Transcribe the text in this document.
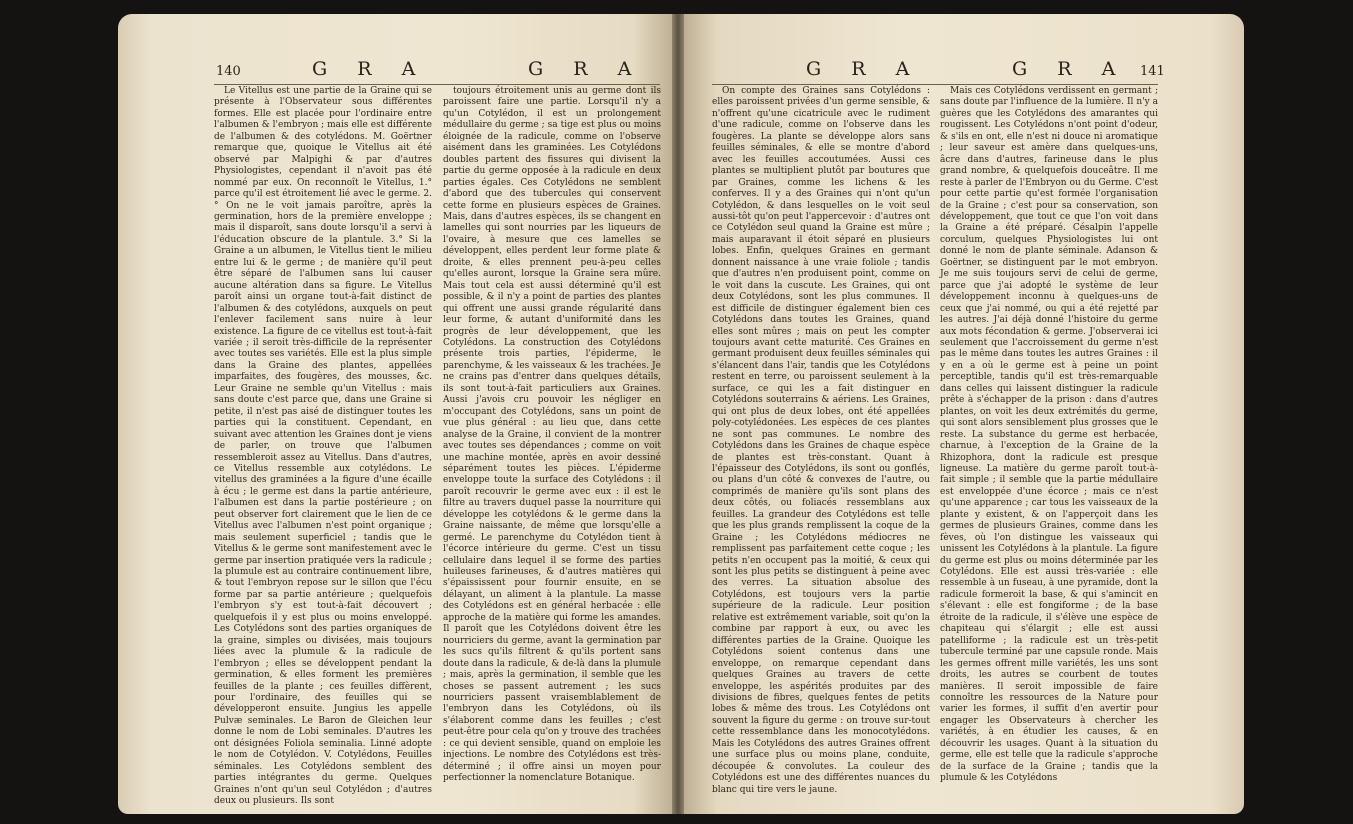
140	G R A	G R A

Le Vitellus est une partie de la Graine qui se présente à l'Observateur sous différentes formes. Elle est placée pour l'ordinaire entre l'albumen & l'embryon ; mais elle est différente de l'albumen & des cotylédons. M. Goërtner remarque que, quoique le Vitellus ait été observé par Malpighi & par d'autres Physiologistes, cependant il n'avoit pas été nommé par eux. On reconnoît le Vitellus, 1.° parce qu'il est étroitement lié avec le germe. 2.° On ne le voit jamais paroître, après la germination, hors de la première enveloppe ; mais il disparoît, sans doute lorsqu'il a servi à l'éducation obscure de la plantule. 3.° Si la Graine a un albumen, le Vitellus tient le milieu entre lui & le germe ; de manière qu'il peut être séparé de l'albumen sans lui causer aucune altération dans sa figure. Le Vitellus paroît ainsi un organe tout-à-fait distinct de l'albumen & des cotylédons, auxquels on peut l'enlever facilement sans nuire à leur existence. La figure de ce vitellus est tout-à-fait variée ; il seroit très-difficile de la représenter avec toutes ses variétés. Elle est la plus simple dans la Graine des plantes, appellées imparfaites, des fougères, des mousses, &c. Leur Graine ne semble qu'un Vitellus : mais sans doute c'est parce que, dans une Graine si petite, il n'est pas aisé de distinguer toutes les parties qui la constituent. Cependant, en suivant avec attention les Graines dont je viens de parler, on trouve que l'albumen ressembleroit assez au Vitellus. Dans d'autres, ce Vitellus ressemble aux cotylédons. Le vitellus des graminées a la figure d'une écaille à écu ; le germe est dans la partie antérieure, l'albumen est dans la partie postérieure ; on peut observer fort clairement que le lien de ce Vitellus avec l'albumen n'est point organique ; mais seulement superficiel ; tandis que le Vitellus & le germe sont manifestement avec le germe par insertion pratiquée vers la radicule ; la plumule est au contraire continuement libre, & tout l'embryon repose sur le sillon que l'écu forme par sa partie antérieure ; quelquefois l'embryon s'y est tout-à-fait découvert ; quelquefois il y est plus ou moins enveloppé. Les Cotylédons sont des parties organiques de la graine, simples ou divisées, mais toujours liées avec la plumule & la radicule de l'embryon ; elles se développent pendant la germination, & elles forment les premières feuilles de la plante ; ces feuilles diffèrent, pour l'ordinaire, des feuilles qui se développeront ensuite. Jungius les appelle Pulvæ seminales. Le Baron de Gleichen leur donne le nom de Lobi seminales. D'autres les ont désignées Foliola seminalia. Linné adopte le nom de Cotylédon. V. Cotylédons, Feuilles séminales. Les Cotylédons semblent des parties intégrantes du germe. Quelques Graines n'ont qu'un seul Cotylédon ; d'autres deux ou plusieurs. Ils sont

toujours étroitement unis au germe dont ils paroissent faire une partie. Lorsqu'il n'y a qu'un Cotylédon, il est un prolongement médullaire du germe ; sa tige est plus ou moins éloignée de la radicule, comme on l'observe aisément dans les graminées. Les Cotylédons doubles partent des fissures qui divisent la partie du germe opposée à la radicule en deux parties égales. Ces Cotylédons ne semblent d'abord que des tubercules qui conservent cette forme en plusieurs espèces de Graines. Mais, dans d'autres espèces, ils se changent en lamelles qui sont nourries par les liqueurs de l'ovaire, à mesure que ces lamelles se développent, elles perdent leur forme plate & droite, & elles prennent peu-à-peu celles qu'elles auront, lorsque la Graine sera mûre. Mais tout cela est aussi déterminé qu'il est possible, & il n'y a point de parties des plantes qui offrent une aussi grande régularité dans leur forme, & autant d'uniformité dans les progrès de leur développement, que les Cotylédons. La construction des Cotylédons présente trois parties, l'épiderme, le parenchyme, & les vaisseaux & les trachées. Je ne crains pas d'entrer dans quelques détails, ils sont tout-à-fait particuliers aux Graines. Aussi j'avois cru pouvoir les négliger en m'occupant des Cotylédons, sans un point de vue plus général : au lieu que, dans cette analyse de la Graine, il convient de la montrer avec toutes ses dépendances ; comme on voit une machine montée, après en avoir dessiné séparément toutes les pièces. L'épiderme enveloppe toute la surface des Cotylédons : il paroît recouvrir le germe avec eux : il est le filtre au travers duquel passe la nourriture qui développe les cotylédons & le germe dans la Graine naissante, de même que lorsqu'elle a germé. Le parenchyme du Cotylédon tient à l'écorce intérieure du germe. C'est un tissu cellulaire dans lequel il se forme des parties huileuses farineuses, & d'autres matières qui s'épaississent pour fournir ensuite, en se délayant, un aliment à la plantule. La masse des Cotylédons est en général herbacée : elle approche de la matière qui forme les amandes. Il paroît que les Cotylédons doivent être les nourriciers du germe, avant la germination par les sucs qu'ils filtrent & qu'ils portent sans doute dans la radicule, & de-là dans la plumule ; mais, après la germination, il semble que les choses se passent autrement ; les sucs nourriciers passent vraisemblablement de l'embryon dans les Cotylédons, où ils s'élaborent comme dans les feuilles ; c'est peut-être pour cela qu'on y trouve des trachées : ce qui devient sensible, quand on emploie les injections. Le nombre des Cotylédons est très-déterminé ; il offre ainsi un moyen pour perfectionner la nomenclature Botanique.

G R A	G R A 141

On compte des Graines sans Cotylédons : elles paroissent privées d'un germe sensible, & n'offrent qu'une cicatricule avec le rudiment d'une radicule, comme on l'observe dans les fougères. La plante se développe alors sans feuilles séminales, & elle se montre d'abord avec les feuilles accoutumées. Aussi ces plantes se multiplient plutôt par boutures que par Graines, comme les lichens & les conferves. Il y a des Graines qui n'ont qu'un Cotylédon, & dans lesquelles on le voit seul aussi-tôt qu'on peut l'appercevoir : d'autres ont ce Cotylédon seul quand la Graine est mûre ; mais auparavant il étoit séparé en plusieurs lobes. Enfin, quelques Graines en germant donnent naissance à une vraie foliole ; tandis que d'autres n'en produisent point, comme on le voit dans la cuscute. Les Graines, qui ont deux Cotylédons, sont les plus communes. Il est difficile de distinguer également bien ces Cotylédons dans toutes les Graines, quand elles sont mûres ; mais on peut les compter toujours avant cette maturité. Ces Graines en germant produisent deux feuilles séminales qui s'élancent dans l'air, tandis que les Cotylédons restent en terre, ou paroissent seulement à la surface, ce qui les a fait distinguer en Cotylédons souterrains & aériens. Les Graines, qui ont plus de deux lobes, ont été appellées poly-cotylédonées. Les espèces de ces plantes ne sont pas communes. Le nombre des Cotylédons dans les Graines de chaque espèce de plantes est très-constant. Quant à l'épaisseur des Cotylédons, ils sont ou gonflés, ou plans d'un côté & convexes de l'autre, ou comprimés de manière qu'ils sont plans des deux côtés, ou foliacés ressemblans aux feuilles. La grandeur des Cotylédons est telle que les plus grands remplissent la coque de la Graine ; les Cotylédons médiocres ne remplissent pas parfaitement cette coque ; les petits n'en occupent pas la moitié, & ceux qui sont les plus petits se distinguent à peine avec des verres. La situation absolue des Cotylédons, est toujours vers la partie supérieure de la radicule. Leur position relative est extrêmement variable, soit qu'on la combine par rapport à eux, ou avec les différentes parties de la Graine. Quoique les Cotylédons soient contenus dans une enveloppe, on remarque cependant dans quelques Graines au travers de cette enveloppe, les aspérités produites par des divisions de fibres, quelques fentes de petits lobes & même des trous. Les Cotylédons ont souvent la figure du germe : on trouve sur-tout cette ressemblance dans les monocotylédons. Mais les Cotylédons des autres Graines offrent une surface plus ou moins plane, conduite, découpée & convolutes. La couleur des Cotylédons est une des différentes nuances du blanc qui tire vers le jaune.

Mais ces Cotylédons verdissent en germant ; sans doute par l'influence de la lumière. Il n'y a guères que les Cotylédons des amarantes qui rougissent. Les Cotylédons n'ont point d'odeur, & s'ils en ont, elle n'est ni douce ni aromatique ; leur saveur est amère dans quelques-uns, âcre dans d'autres, farineuse dans le plus grand nombre, & quelquefois douceâtre. Il me reste à parler de l'Embryon ou du Germe. C'est pour cette partie qu'est formée l'organisation de la Graine ; c'est pour sa conservation, son développement, que tout ce que l'on voit dans la Graine a été préparé. Césalpin l'appelle corculum, quelques Physiologistes lui ont donné le nom de plante séminale. Adanson & Goërtner, se distinguent par le mot embryon. Je me suis toujours servi de celui de germe, parce que j'ai adopté le système de leur développement inconnu à quelques-uns de ceux que j'ai nommé, ou qui a été rejetté par les autres. J'ai déjà donné l'histoire du germe aux mots fécondation & germe. J'observerai ici seulement que l'accroissement du germe n'est pas le même dans toutes les autres Graines : il y en a où le germe est à peine un point perceptible, tandis qu'il est très-remarquable dans celles qui laissent distinguer la radicule prête à s'échapper de la prison : dans d'autres plantes, on voit les deux extrémités du germe, qui sont alors sensiblement plus grosses que le reste. La substance du germe est herbacée, charnue, à l'exception de la Graine de la Rhizophora, dont la radicule est presque ligneuse. La matière du germe paroît tout-à-fait simple ; il semble que la partie médullaire est enveloppée d'une écorce ; mais ce n'est qu'une apparence ; car tous les vaisseaux de la plante y existent, & on l'apperçoit dans les germes de plusieurs Graines, comme dans les fèves, où l'on distingue les vaisseaux qui unissent les Cotylédons à la plantule. La figure du germe est plus ou moins déterminée par les Cotylédons. Elle est aussi très-variée : elle ressemble à un fuseau, à une pyramide, dont la radicule formeroit la base, & qui s'amincit en s'élevant : elle est fongiforme ; de la base étroite de la radicule, il s'élève une espèce de chapiteau qui s'élargit ; elle est aussi patelliforme ; la radicule est un très-petit tubercule terminé par une capsule ronde. Mais les germes offrent mille variétés, les uns sont droits, les autres se courbent de toutes manières. Il seroit impossible de faire connoître les ressources de la Nature pour varier les formes, il suffit d'en avertir pour engager les Observateurs à chercher les variétés, à en étudier les causes, & en découvrir les usages. Quant à la situation du germe, elle est telle que la radicule s'approche de la surface de la Graine ; tandis que la plumule & les Cotylédons
